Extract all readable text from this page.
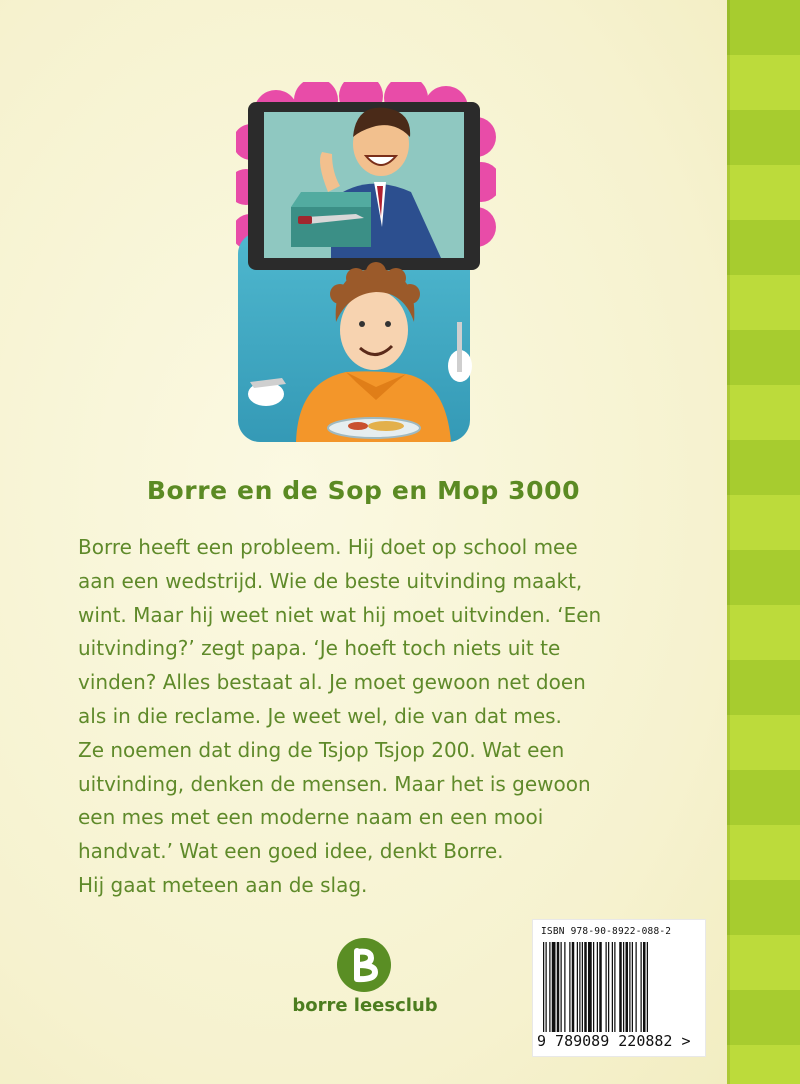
Borre en de Sop en Mop 3000
Borre heeft een probleem. Hij doet op school mee
aan een wedstrijd. Wie de beste uitvinding maakt,
wint. Maar hij weet niet wat hij moet uitvinden. ‘Een
uitvinding?’ zegt papa. ‘Je hoeft toch niets uit te
vinden? Alles bestaat al. Je moet gewoon net doen
als in die reclame. Je weet wel, die van dat mes.
Ze noemen dat ding de Tsjop Tsjop 200. Wat een
uitvinding, denken de mensen. Maar het is gewoon
een mes met een moderne naam en een mooi
handvat.’ Wat een goed idee, denkt Borre.
Hij gaat meteen aan de slag.
borre leesclub
ISBN 978-90-8922-088-2
9 789089 220882 >
